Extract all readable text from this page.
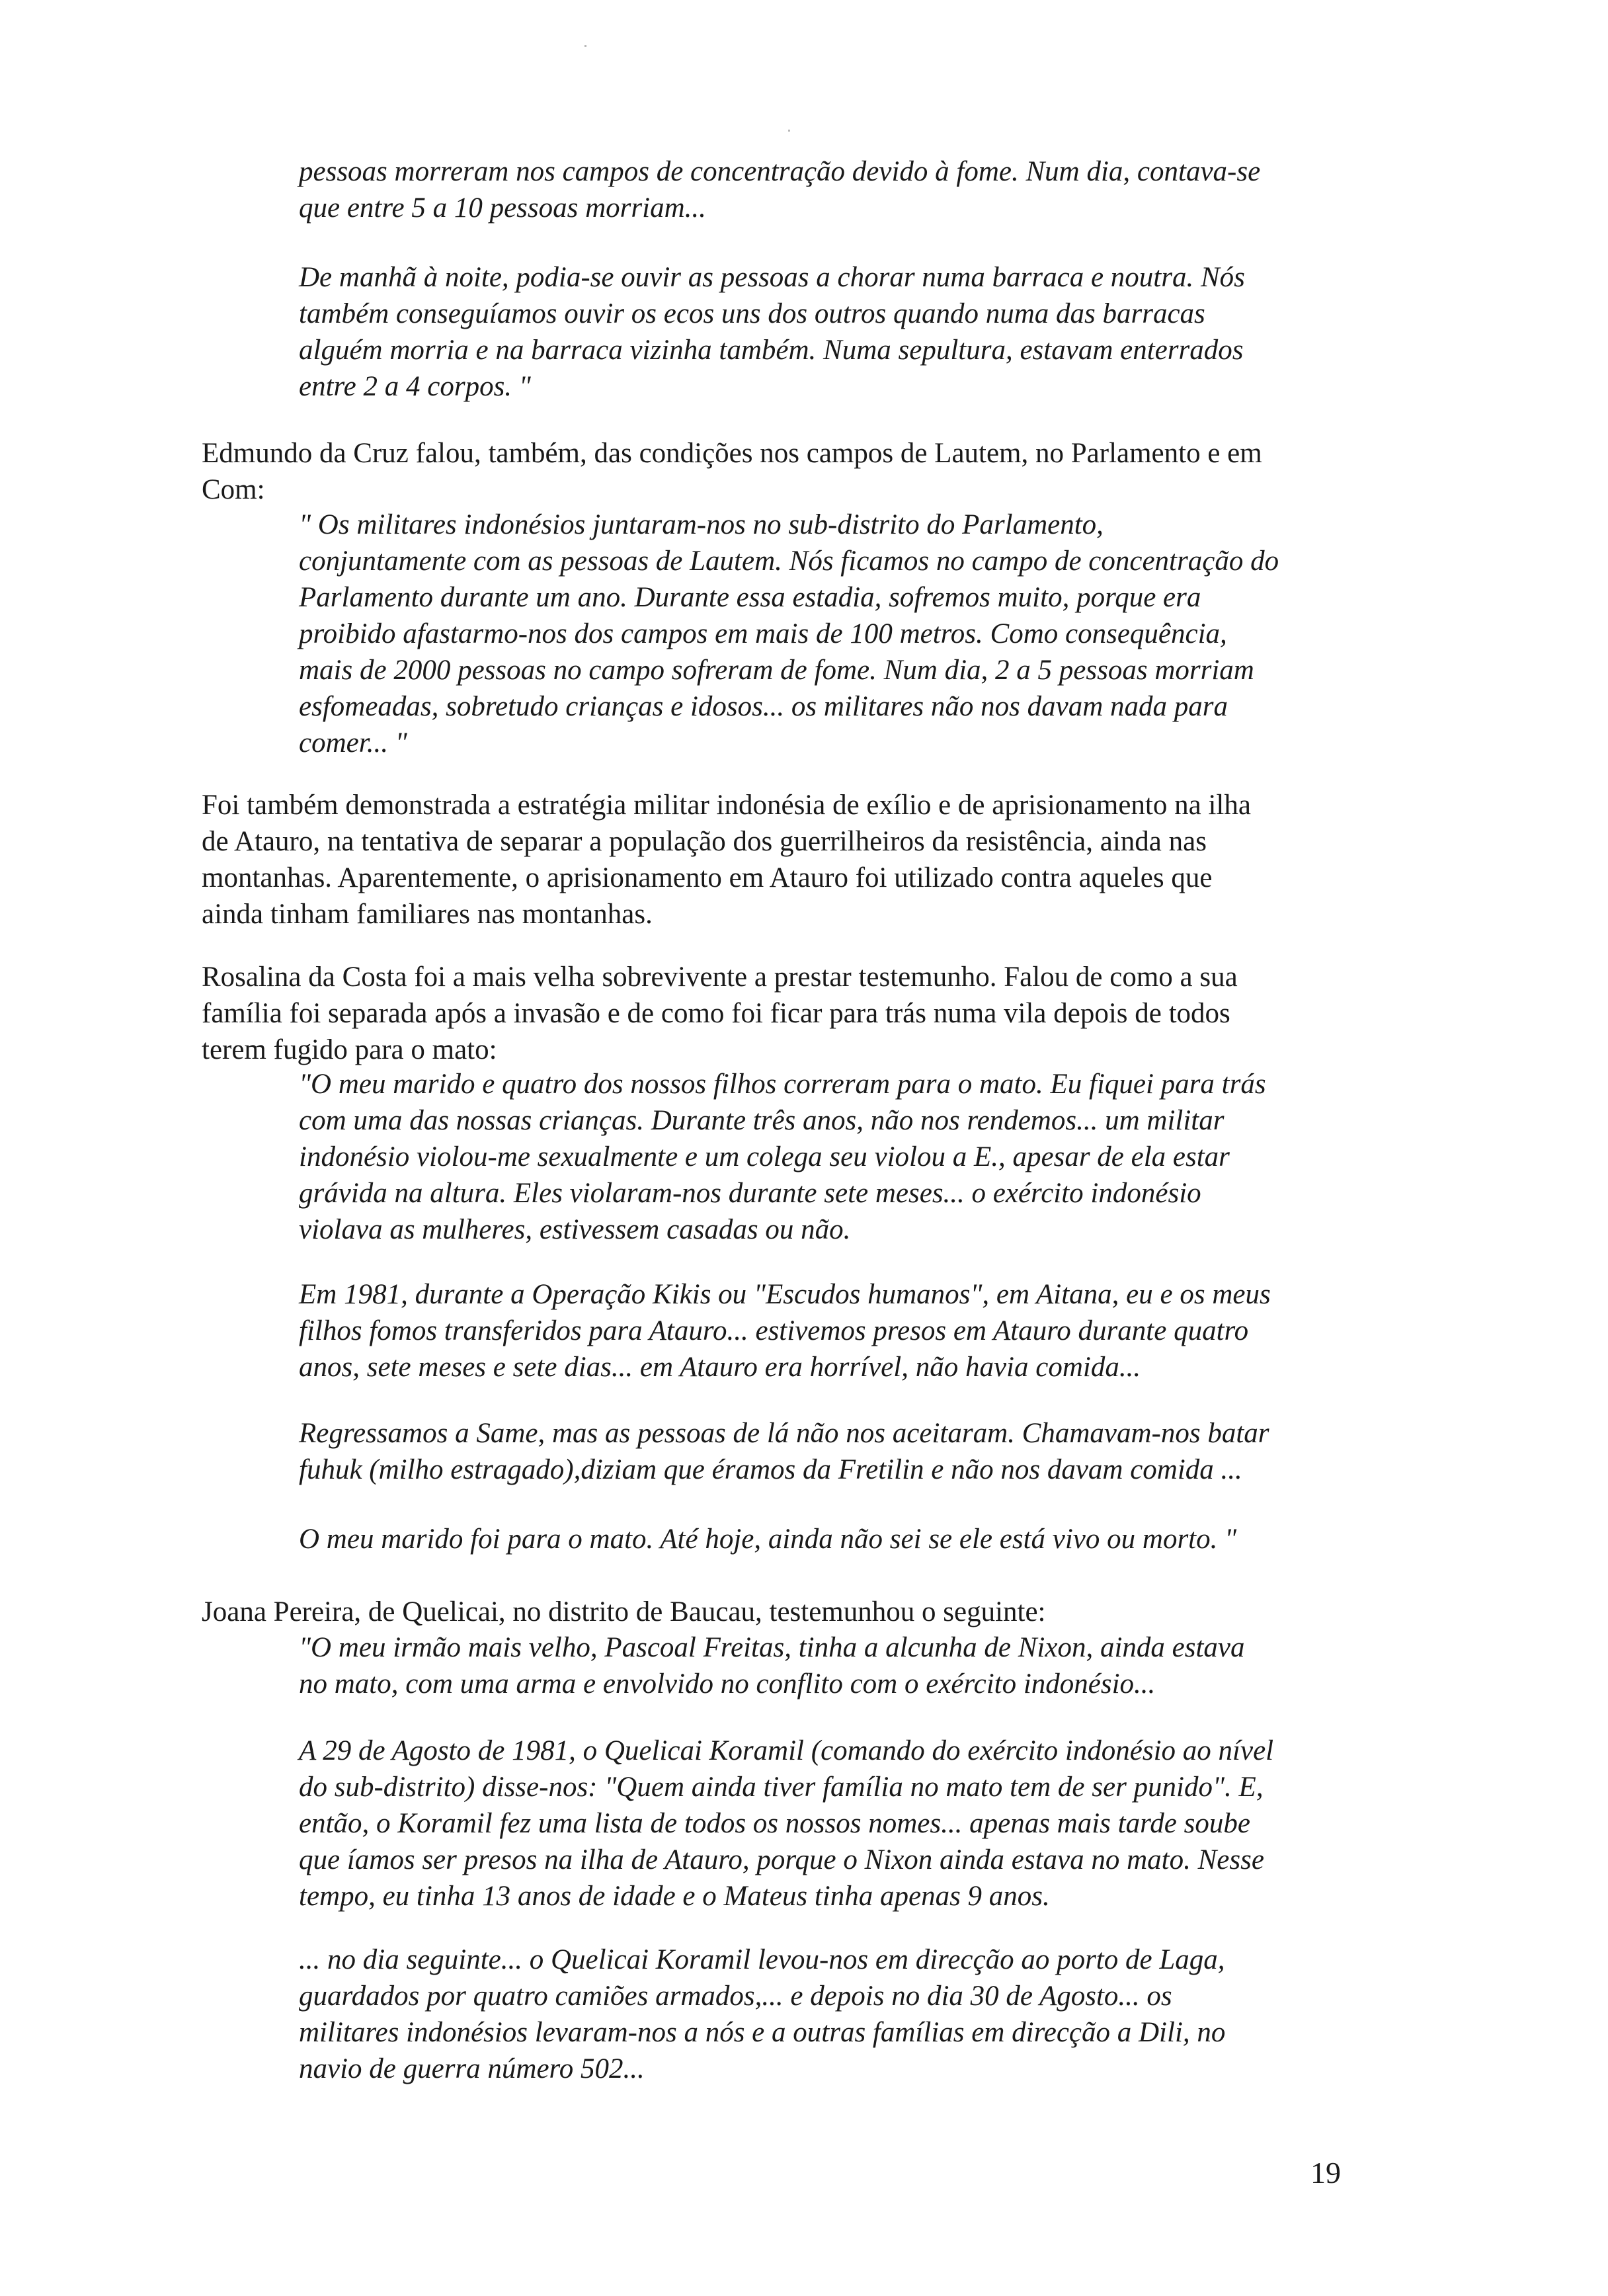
pessoas morreram nos campos de concentração devido à fome. Num dia, contava-se
que entre 5 a 10 pessoas morriam...

De manhã à noite, podia-se ouvir as pessoas a chorar numa barraca e noutra. Nós
também conseguíamos ouvir os ecos uns dos outros quando numa das barracas
alguém morria e na barraca vizinha também. Numa sepultura, estavam enterrados
entre 2 a 4 corpos. "

Edmundo da Cruz falou, também, das condições nos campos de Lautem, no Parlamento e em
Com:

" Os militares indonésios juntaram-nos no sub-distrito do Parlamento,
conjuntamente com as pessoas de Lautem. Nós ficamos no campo de concentração do
Parlamento durante um ano. Durante essa estadia, sofremos muito, porque era
proibido afastarmo-nos dos campos em mais de 100 metros. Como consequência,
mais de 2000 pessoas no campo sofreram de fome. Num dia, 2 a 5 pessoas morriam
esfomeadas, sobretudo crianças e idosos... os militares não nos davam nada para
comer... "

Foi também demonstrada a estratégia militar indonésia de exílio e de aprisionamento na ilha
de Atauro, na tentativa de separar a população dos guerrilheiros da resistência, ainda nas
montanhas. Aparentemente, o aprisionamento em Atauro foi utilizado contra aqueles que
ainda tinham familiares nas montanhas.

Rosalina da Costa foi a mais velha sobrevivente a prestar testemunho. Falou de como a sua
família foi separada após a invasão e de como foi ficar para trás numa vila depois de todos
terem fugido para o mato:

"O meu marido e quatro dos nossos filhos correram para o mato. Eu fiquei para trás
com uma das nossas crianças. Durante três anos, não nos rendemos... um militar
indonésio violou-me sexualmente e um colega seu violou a E., apesar de ela estar
grávida na altura. Eles violaram-nos durante sete meses... o exército indonésio
violava as mulheres, estivessem casadas ou não.

Em 1981, durante a Operação Kikis ou "Escudos humanos", em Aitana, eu e os meus
filhos fomos transferidos para Atauro... estivemos presos em Atauro durante quatro
anos, sete meses e sete dias... em Atauro era horrível, não havia comida...

Regressamos a Same, mas as pessoas de lá não nos aceitaram. Chamavam-nos batar
fuhuk (milho estragado),diziam que éramos da Fretilin e não nos davam comida ...

O meu marido foi para o mato. Até hoje, ainda não sei se ele está vivo ou morto. "

Joana Pereira, de Quelicai, no distrito de Baucau, testemunhou o seguinte:

"O meu irmão mais velho, Pascoal Freitas, tinha a alcunha de Nixon, ainda estava
no mato, com uma arma e envolvido no conflito com o exército indonésio...

A 29 de Agosto de 1981, o Quelicai Koramil (comando do exército indonésio ao nível
do sub-distrito) disse-nos: "Quem ainda tiver família no mato tem de ser punido". E,
então, o Koramil fez uma lista de todos os nossos nomes... apenas mais tarde soube
que íamos ser presos na ilha de Atauro, porque o Nixon ainda estava no mato. Nesse
tempo, eu tinha 13 anos de idade e o Mateus tinha apenas 9 anos.

... no dia seguinte... o Quelicai Koramil levou-nos em direcção ao porto de Laga,
guardados por quatro camiões armados,... e depois no dia 30 de Agosto... os
militares indonésios levaram-nos a nós e a outras famílias em direcção a Dili, no
navio de guerra número 502...

19
